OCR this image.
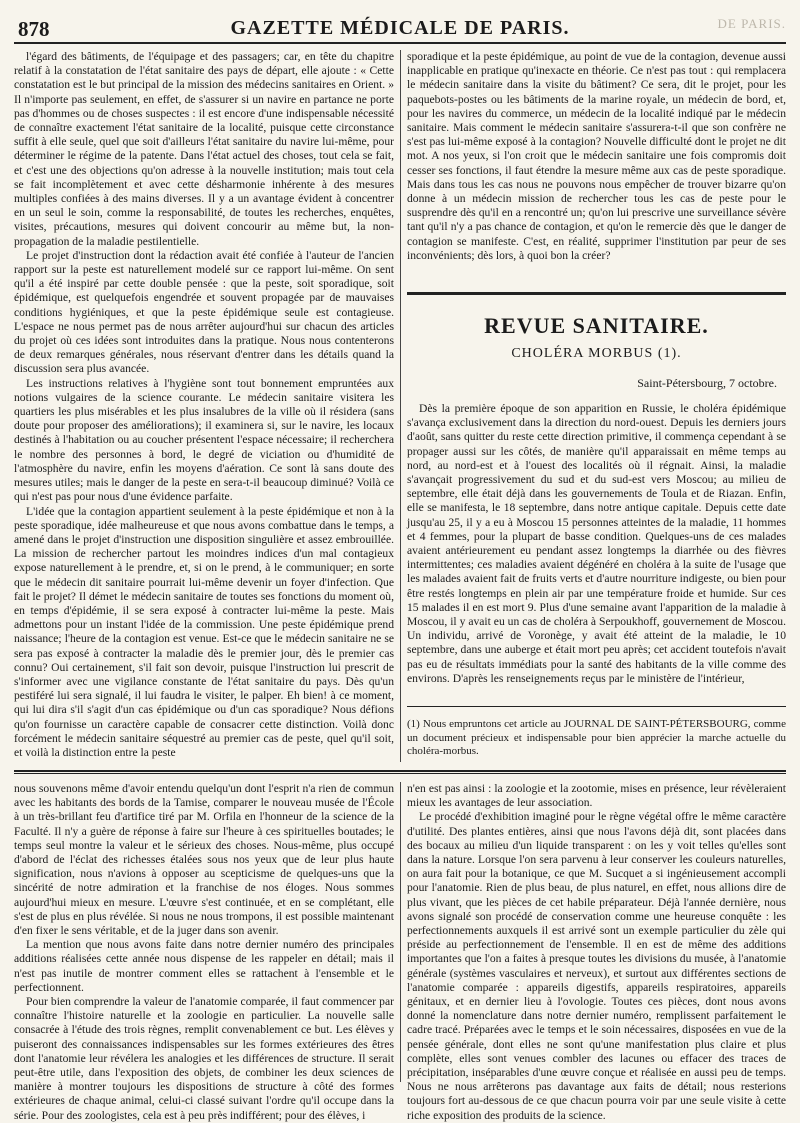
878	GAZETTE MÉDICALE DE PARIS.	DE PARIS.

l'égard des bâtiments, de l'équipage et des passagers; car, en tête du chapitre relatif à la constatation de l'état sanitaire des pays de départ, elle ajoute : « Cette constatation est le but principal de la mission des médecins sanitaires en Orient. » Il n'importe pas seulement, en effet, de s'assurer si un navire en partance ne porte pas d'hommes ou de choses suspectes : il est encore d'une indispensable nécessité de connaître exactement l'état sanitaire de la localité, puisque cette circonstance suffit à elle seule, quel que soit d'ailleurs l'état sanitaire du navire lui-même, pour déterminer le régime de la patente. Dans l'état actuel des choses, tout cela se fait, et c'est une des objections qu'on adresse à la nouvelle institution; mais tout cela se fait incomplètement et avec cette désharmonie inhérente à des mesures multiples confiées à des mains diverses. Il y a un avantage évident à concentrer en un seul le soin, comme la responsabilité, de toutes les recherches, enquêtes, visites, précautions, mesures qui doivent concourir au même but, la non-propagation de la maladie pestilentielle.

Le projet d'instruction dont la rédaction avait été confiée à l'auteur de l'ancien rapport sur la peste est naturellement modelé sur ce rapport lui-même. On sent qu'il a été inspiré par cette double pensée : que la peste, soit sporadique, soit épidémique, est quelquefois engendrée et souvent propagée par de mauvaises conditions hygiéniques, et que la peste épidémique seule est contagieuse. L'espace ne nous permet pas de nous arrêter aujourd'hui sur chacun des articles du projet où ces idées sont introduites dans la pratique. Nous nous contenterons de deux remarques générales, nous réservant d'entrer dans les détails quand la discussion sera plus avancée.

Les instructions relatives à l'hygiène sont tout bonnement empruntées aux notions vulgaires de la science courante. Le médecin sanitaire visitera les quartiers les plus misérables et les plus insalubres de la ville où il résidera (sans doute pour proposer des améliorations); il examinera si, sur le navire, les locaux destinés à l'habitation ou au coucher présentent l'espace nécessaire; il recherchera le nombre des personnes à bord, le degré de viciation ou d'humidité de l'atmosphère du navire, enfin les moyens d'aération. Ce sont là sans doute des mesures utiles; mais le danger de la peste en sera-t-il beaucoup diminué? Voilà ce qui n'est pas pour nous d'une évidence parfaite.

L'idée que la contagion appartient seulement à la peste épidémique et non à la peste sporadique, idée malheureuse et que nous avons combattue dans le temps, a amené dans le projet d'instruction une disposition singulière et assez embrouillée. La mission de rechercher partout les moindres indices d'un mal contagieux expose naturellement à le prendre, et, si on le prend, à le communiquer; en sorte que le médecin dit sanitaire pourrait lui-même devenir un foyer d'infection. Que fait le projet? Il démet le médecin sanitaire de toutes ses fonctions du moment où, en temps d'épidémie, il se sera exposé à contracter lui-même la peste. Mais admettons pour un instant l'idée de la commission. Une peste épidémique prend naissance; l'heure de la contagion est venue. Est-ce que le médecin sanitaire ne se sera pas exposé à contracter la maladie dès le premier jour, dès le premier cas connu? Oui certainement, s'il fait son devoir, puisque l'instruction lui prescrit de s'informer avec une vigilance constante de l'état sanitaire du pays. Dès qu'un pestiféré lui sera signalé, il lui faudra le visiter, le palper. Eh bien! à ce moment, qui lui dira s'il s'agit d'un cas épidémique ou d'un cas sporadique? Nous défions qu'on fournisse un caractère capable de consacrer cette distinction. Voilà donc forcément le médecin sanitaire séquestré au premier cas de peste, quel qu'il soit, et voilà la distinction entre la peste

sporadique et la peste épidémique, au point de vue de la contagion, devenue aussi inapplicable en pratique qu'inexacte en théorie. Ce n'est pas tout : qui remplacera le médecin sanitaire dans la visite du bâtiment? Ce sera, dit le projet, pour les paquebots-postes ou les bâtiments de la marine royale, un médecin de bord, et, pour les navires du commerce, un médecin de la localité indiqué par le médecin sanitaire. Mais comment le médecin sanitaire s'assurera-t-il que son confrère ne s'est pas lui-même exposé à la contagion? Nouvelle difficulté dont le projet ne dit mot. A nos yeux, si l'on croit que le médecin sanitaire une fois compromis doit cesser ses fonctions, il faut étendre la mesure même aux cas de peste sporadique. Mais dans tous les cas nous ne pouvons nous empêcher de trouver bizarre qu'on donne à un médecin mission de rechercher tous les cas de peste pour le susprendre dès qu'il en a rencontré un; qu'on lui prescrive une surveillance sévère tant qu'il n'y a pas chance de contagion, et qu'on le remercie dès que le danger de contagion se manifeste. C'est, en réalité, supprimer l'institution par peur de ses inconvénients; dès lors, à quoi bon la créer?

REVUE SANITAIRE.
CHOLÉRA MORBUS (1).
Saint-Pétersbourg, 7 octobre.

Dès la première époque de son apparition en Russie, le choléra épidémique s'avança exclusivement dans la direction du nord-ouest. Depuis les derniers jours d'août, sans quitter du reste cette direction primitive, il commença cependant à se propager aussi sur les côtés, de manière qu'il apparaissait en même temps au nord, au nord-est et à l'ouest des localités où il régnait. Ainsi, la maladie s'avançait progressivement du sud et du sud-est vers Moscou; au milieu de septembre, elle était déjà dans les gouvernements de Toula et de Riazan. Enfin, elle se manifesta, le 18 septembre, dans notre antique capitale. Depuis cette date jusqu'au 25, il y a eu à Moscou 15 personnes atteintes de la maladie, 11 hommes et 4 femmes, pour la plupart de basse condition. Quelques-uns de ces malades avaient antérieurement eu pendant assez longtemps la diarrhée ou des fièvres intermittentes; ces maladies avaient dégénéré en choléra à la suite de l'usage que les malades avaient fait de fruits verts et d'autre nourriture indigeste, ou bien pour être restés longtemps en plein air par une température froide et humide. Sur ces 15 malades il en est mort 9. Plus d'une semaine avant l'apparition de la maladie à Moscou, il y avait eu un cas de choléra à Serpoukhoff, gouvernement de Moscou. Un individu, arrivé de Voronège, y avait été atteint de la maladie, le 10 septembre, dans une auberge et était mort peu après; cet accident toutefois n'avait pas eu de résultats immédiats pour la santé des habitants de la ville comme des environs. D'après les renseignements reçus par le ministère de l'intérieur,

(1) Nous empruntons cet article au JOURNAL DE SAINT-PÉTERSBOURG, comme un document précieux et indispensable pour bien apprécier la marche actuelle du choléra-morbus.

nous souvenons même d'avoir entendu quelqu'un dont l'esprit n'a rien de commun avec les habitants des bords de la Tamise, comparer le nouveau musée de l'École à un très-brillant feu d'artifice tiré par M. Orfila en l'honneur de la science de la Faculté. Il n'y a guère de réponse à faire sur l'heure à ces spirituelles boutades; le temps seul montre la valeur et le sérieux des choses. Nous-même, plus occupé d'abord de l'éclat des richesses étalées sous nos yeux que de leur plus haute signification, nous n'avions à opposer au scepticisme de quelques-uns que la sincérité de notre admiration et la franchise de nos éloges. Nous sommes aujourd'hui mieux en mesure. L'œuvre s'est continuée, et en se complétant, elle s'est de plus en plus révélée. Si nous ne nous trompons, il est possible maintenant d'en fixer le sens véritable, et de la juger dans son avenir.

La mention que nous avons faite dans notre dernier numéro des principales additions réalisées cette année nous dispense de les rappeler en détail; mais il n'est pas inutile de montrer comment elles se rattachent à l'ensemble et le perfectionnent.

Pour bien comprendre la valeur de l'anatomie comparée, il faut commencer par connaître l'histoire naturelle et la zoologie en particulier. La nouvelle salle consacrée à l'étude des trois règnes, remplit convenablement ce but. Les élèves y puiseront des connaissances indispensables sur les formes extérieures des êtres dont l'anatomie leur révélera les analogies et les différences de structure. Il serait peut-être utile, dans l'exposition des objets, de combiner les deux sciences de manière à montrer toujours les dispositions de structure à côté des formes extérieures de chaque animal, celui-ci classé suivant l'ordre qu'il occupe dans la série. Pour des zoologistes, cela est à peu près indifférent; pour des élèves, i

n'en est pas ainsi : la zoologie et la zootomie, mises en présence, leur révèleraient mieux les avantages de leur association.

Le procédé d'exhibition imaginé pour le règne végétal offre le même caractère d'utilité. Des plantes entières, ainsi que nous l'avons déjà dit, sont placées dans des bocaux au milieu d'un liquide transparent : on les y voit telles qu'elles sont dans la nature. Lorsque l'on sera parvenu à leur conserver les couleurs naturelles, on aura fait pour la botanique, ce que M. Sucquet a si ingénieusement accompli pour l'anatomie. Rien de plus beau, de plus naturel, en effet, nous allions dire de plus vivant, que les pièces de cet habile préparateur. Déjà l'année dernière, nous avons signalé son procédé de conservation comme une heureuse conquête : les perfectionnements auxquels il est arrivé sont un exemple particulier du zèle qui préside au perfectionnement de l'ensemble. Il en est de même des additions importantes que l'on a faites à presque toutes les divisions du musée, à l'anatomie générale (systèmes vasculaires et nerveux), et surtout aux différentes sections de l'anatomie comparée : appareils digestifs, appareils respiratoires, appareils génitaux, et en dernier lieu à l'ovologie. Toutes ces pièces, dont nous avons donné la nomenclature dans notre dernier numéro, remplissent parfaitement le cadre tracé. Préparées avec le temps et le soin nécessaires, disposées en vue de la pensée générale, dont elles ne sont qu'une manifestation plus claire et plus complète, elles sont venues combler des lacunes ou effacer des traces de précipitation, inséparables d'une œuvre conçue et réalisée en aussi peu de temps. Nous ne nous arrêterons pas davantage aux faits de détail; nous resterions toujours fort au-dessous de ce que chacun pourra voir par une seule visite à cette riche exposition des produits de la science.
